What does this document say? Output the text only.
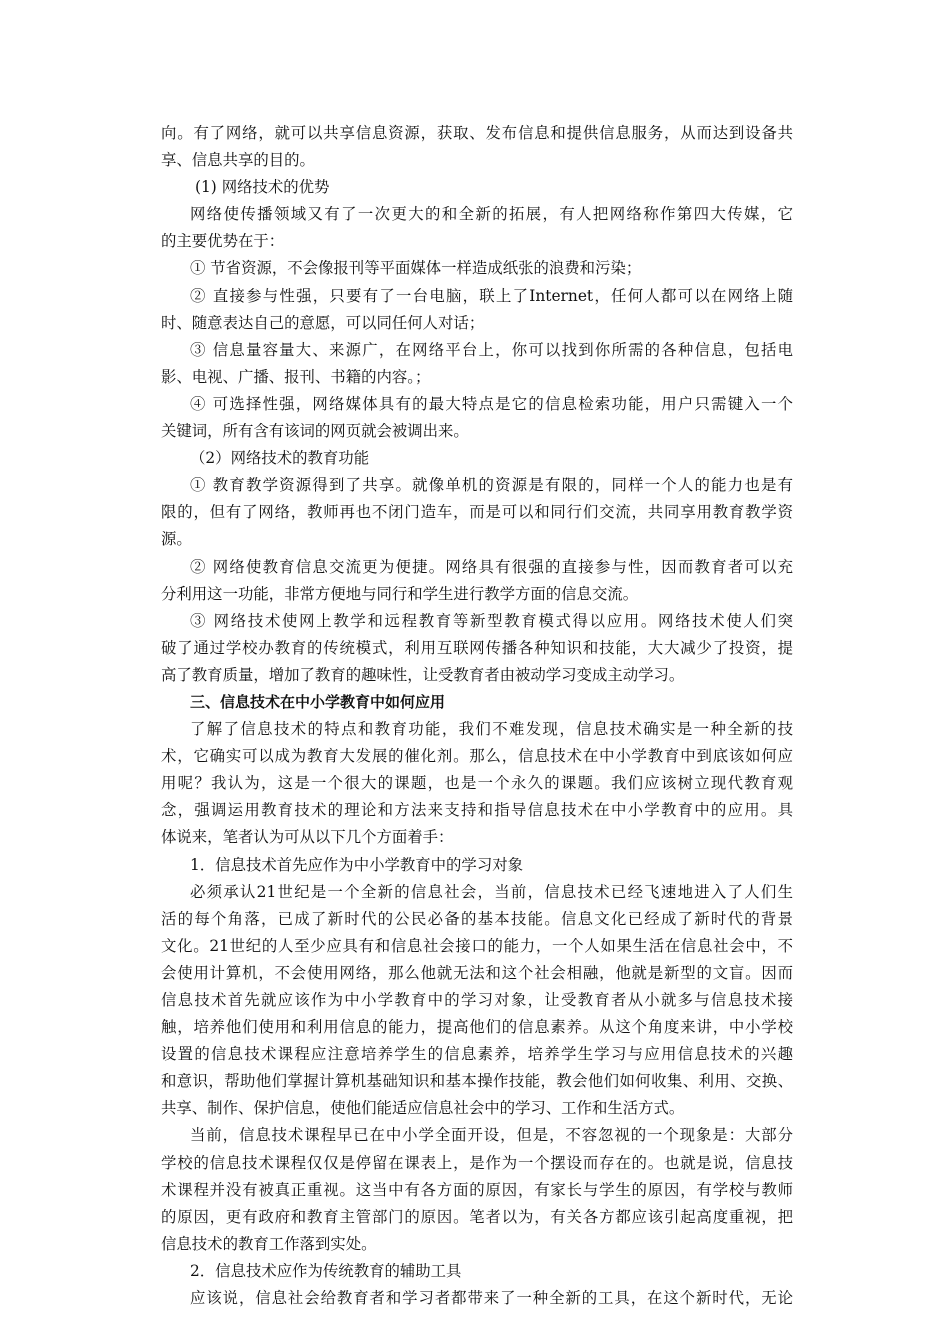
向。有了网络，就可以共享信息资源，获取、发布信息和提供信息服务，从而达到设备共
享、信息共享的目的。
(1) 网络技术的优势
网络使传播领域又有了一次更大的和全新的拓展，有人把网络称作第四大传媒，它
的主要优势在于：
① 节省资源，不会像报刊等平面媒体一样造成纸张的浪费和污染；
② 直接参与性强，只要有了一台电脑，联上了Internet，任何人都可以在网络上随
时、随意表达自己的意愿，可以同任何人对话；
③ 信息量容量大、来源广，在网络平台上，你可以找到你所需的各种信息，包括电
影、电视、广播、报刊、书籍的内容。；
④ 可选择性强，网络媒体具有的最大特点是它的信息检索功能，用户只需键入一个
关键词，所有含有该词的网页就会被调出来。
（2）网络技术的教育功能
① 教育教学资源得到了共享。就像单机的资源是有限的，同样一个人的能力也是有
限的，但有了网络，教师再也不闭门造车，而是可以和同行们交流，共同享用教育教学资
源。
② 网络使教育信息交流更为便捷。网络具有很强的直接参与性，因而教育者可以充
分利用这一功能，非常方便地与同行和学生进行教学方面的信息交流。
③ 网络技术使网上教学和远程教育等新型教育模式得以应用。网络技术使人们突
破了通过学校办教育的传统模式，利用互联网传播各种知识和技能，大大减少了投资，提
高了教育质量，增加了教育的趣味性，让受教育者由被动学习变成主动学习。
三、信息技术在中小学教育中如何应用
了解了信息技术的特点和教育功能，我们不难发现，信息技术确实是一种全新的技
术，它确实可以成为教育大发展的催化剂。那么，信息技术在中小学教育中到底该如何应
用呢？我认为，这是一个很大的课题，也是一个永久的课题。我们应该树立现代教育观
念，强调运用教育技术的理论和方法来支持和指导信息技术在中小学教育中的应用。具
体说来，笔者认为可从以下几个方面着手：
1．信息技术首先应作为中小学教育中的学习对象
必须承认21世纪是一个全新的信息社会，当前，信息技术已经飞速地进入了人们生
活的每个角落，已成了新时代的公民必备的基本技能。信息文化已经成了新时代的背景
文化。21世纪的人至少应具有和信息社会接口的能力，一个人如果生活在信息社会中，不
会使用计算机，不会使用网络，那么他就无法和这个社会相融，他就是新型的文盲。因而
信息技术首先就应该作为中小学教育中的学习对象，让受教育者从小就多与信息技术接
触，培养他们使用和利用信息的能力，提高他们的信息素养。从这个角度来讲，中小学校
设置的信息技术课程应注意培养学生的信息素养，培养学生学习与应用信息技术的兴趣
和意识，帮助他们掌握计算机基础知识和基本操作技能，教会他们如何收集、利用、交换、
共享、制作、保护信息，使他们能适应信息社会中的学习、工作和生活方式。
当前，信息技术课程早已在中小学全面开设，但是，不容忽视的一个现象是：大部分
学校的信息技术课程仅仅是停留在课表上，是作为一个摆设而存在的。也就是说，信息技
术课程并没有被真正重视。这当中有各方面的原因，有家长与学生的原因，有学校与教师
的原因，更有政府和教育主管部门的原因。笔者以为，有关各方都应该引起高度重视，把
信息技术的教育工作落到实处。
2．信息技术应作为传统教育的辅助工具
应该说，信息社会给教育者和学习者都带来了一种全新的工具，在这个新时代，无论
